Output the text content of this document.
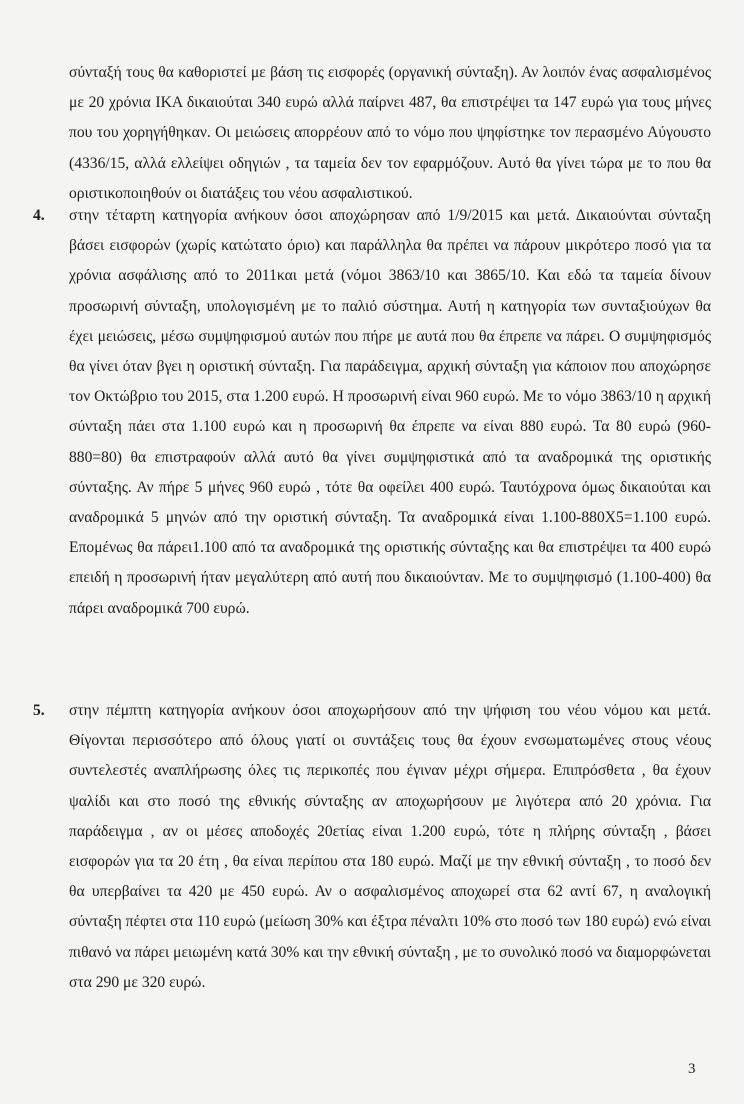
σύνταξή τους θα καθοριστεί με βάση τις εισφορές (οργανική σύνταξη). Αν λοιπόν ένας ασφαλισμένος με 20 χρόνια ΙΚΑ δικαιούται 340 ευρώ αλλά παίρνει 487, θα επιστρέψει τα 147 ευρώ για τους μήνες που του χορηγήθηκαν. Οι μειώσεις απορρέουν από το νόμο που ψηφίστηκε τον περασμένο Αύγουστο (4336/15, αλλά ελλείψει οδηγιών , τα ταμεία δεν τον εφαρμόζουν. Αυτό θα γίνει τώρα με το που θα οριστικοποιηθούν οι διατάξεις του νέου ασφαλιστικού.

4. στην τέταρτη κατηγορία ανήκουν όσοι αποχώρησαν από 1/9/2015 και μετά. Δικαιούνται σύνταξη βάσει εισφορών (χωρίς κατώτατο όριο) και παράλληλα θα πρέπει να πάρουν μικρότερο ποσό για τα χρόνια ασφάλισης από το 2011και μετά (νόμοι 3863/10 και 3865/10. Και εδώ τα ταμεία δίνουν προσωρινή σύνταξη, υπολογισμένη με το παλιό σύστημα. Αυτή η κατηγορία των συνταξιούχων θα έχει μειώσεις, μέσω συμψηφισμού αυτών που πήρε με αυτά που θα έπρεπε να πάρει. Ο συμψηφισμός θα γίνει όταν βγει η οριστική σύνταξη. Για παράδειγμα, αρχική σύνταξη για κάποιον που αποχώρησε τον Οκτώβριο του 2015, στα 1.200 ευρώ. Η προσωρινή είναι 960 ευρώ. Με το νόμο 3863/10 η αρχική σύνταξη πάει στα 1.100 ευρώ και η προσωρινή θα έπρεπε να είναι 880 ευρώ. Τα 80 ευρώ (960-880=80) θα επιστραφούν αλλά αυτό θα γίνει συμψηφιστικά από τα αναδρομικά της οριστικής σύνταξης. Αν πήρε 5 μήνες 960 ευρώ , τότε θα οφείλει 400 ευρώ. Ταυτόχρονα όμως δικαιούται και αναδρομικά 5 μηνών από την οριστική σύνταξη. Τα αναδρομικά είναι 1.100-880Χ5=1.100 ευρώ. Επομένως θα πάρει1.100 από τα αναδρομικά της οριστικής σύνταξης και θα επιστρέψει τα 400 ευρώ επειδή η προσωρινή ήταν μεγαλύτερη από αυτή που δικαιούνταν. Με το συμψηφισμό (1.100-400) θα πάρει αναδρομικά 700 ευρώ.
5. στην πέμπτη κατηγορία ανήκουν όσοι αποχωρήσουν από την ψήφιση του νέου νόμου και μετά. Θίγονται περισσότερο από όλους γιατί οι συντάξεις τους θα έχουν ενσωματωμένες στους νέους συντελεστές αναπλήρωσης όλες τις περικοπές που έγιναν μέχρι σήμερα. Επιπρόσθετα , θα έχουν ψαλίδι και στο ποσό της εθνικής σύνταξης αν αποχωρήσουν με λιγότερα από 20 χρόνια. Για παράδειγμα , αν οι μέσες αποδοχές 20ετίας είναι 1.200 ευρώ, τότε η πλήρης σύνταξη , βάσει εισφορών για τα 20 έτη , θα είναι περίπου στα 180 ευρώ. Μαζί με την εθνική σύνταξη , το ποσό δεν θα υπερβαίνει τα 420 με 450 ευρώ. Αν ο ασφαλισμένος αποχωρεί στα 62 αντί 67, η αναλογική σύνταξη πέφτει στα 110 ευρώ (μείωση 30% και έξτρα πέναλτι 10% στο ποσό των 180 ευρώ) ενώ είναι πιθανό να πάρει μειωμένη κατά 30% και την εθνική σύνταξη , με το συνολικό ποσό να διαμορφώνεται στα 290 με 320 ευρώ.
3
